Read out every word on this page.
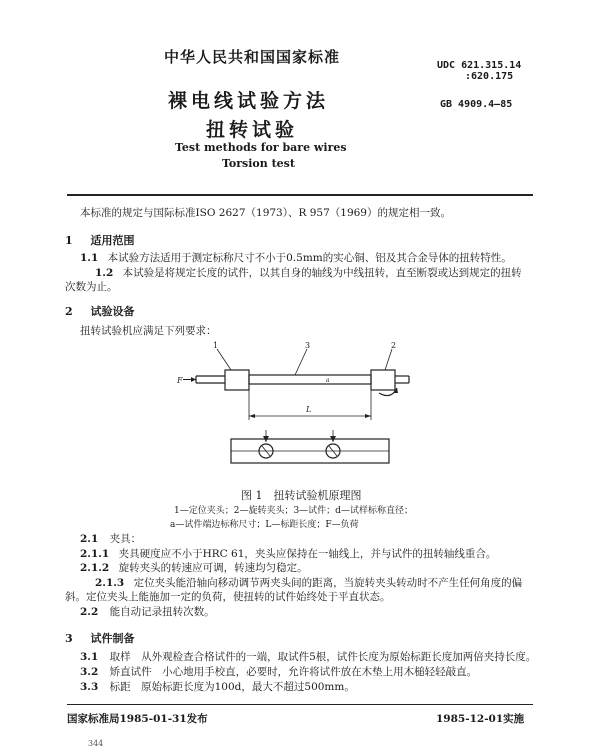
中华人民共和国国家标准	UDC 621.315.14
:620.175
GB 4909.4—85
裸电线试验方法
扭转试验
Test methods for bare wires
Torsion test
本标准的规定与国际标准ISO 2627（1973）、R 957（1969）的规定相一致。
1 适用范围
1.1 本试验方法适用于测定标称尺寸不小于0.5mm的实心铜、铝及其合金导体的扭转特性。
1.2 本试验是将规定长度的试件，以其自身的轴线为中线扭转，直至断裂或达到规定的扭转次数为止。
2 试验设备
扭转试验机应满足下列要求：
1	3	2
F
L
a
图 1　扭转试验机原理图
1—定位夹头；2—旋转夹头；3—试件；d—试样标称直径；
a—试件端边标称尺寸；L—标距长度；F—负荷
2.1 夹具：
2.1.1 夹具硬度应不小于HRC 61，夹头应保持在一轴线上，并与试件的扭转轴线重合。
2.1.2 旋转夹头的转速应可调，转速均匀稳定。
2.1.3 定位夹头能沿轴向移动调节两夹头间的距离，当旋转夹头转动时不产生任何角度的偏斜。定位夹头上能施加一定的负荷，使扭转的试件始终处于平直状态。
2.2 能自动记录扭转次数。
3 试件制备
3.1 取样　从外观检查合格试件的一端，取试件5根，试件长度为原始标距长度加两倍夹持长度。
3.2 矫直试件　小心地用手校直，必要时，允许将试件放在木垫上用木槌轻轻敲直。
3.3 标距　原始标距长度为100d，最大不超过500mm。
国家标准局1985-01-31发布	1985-12-01实施
344
